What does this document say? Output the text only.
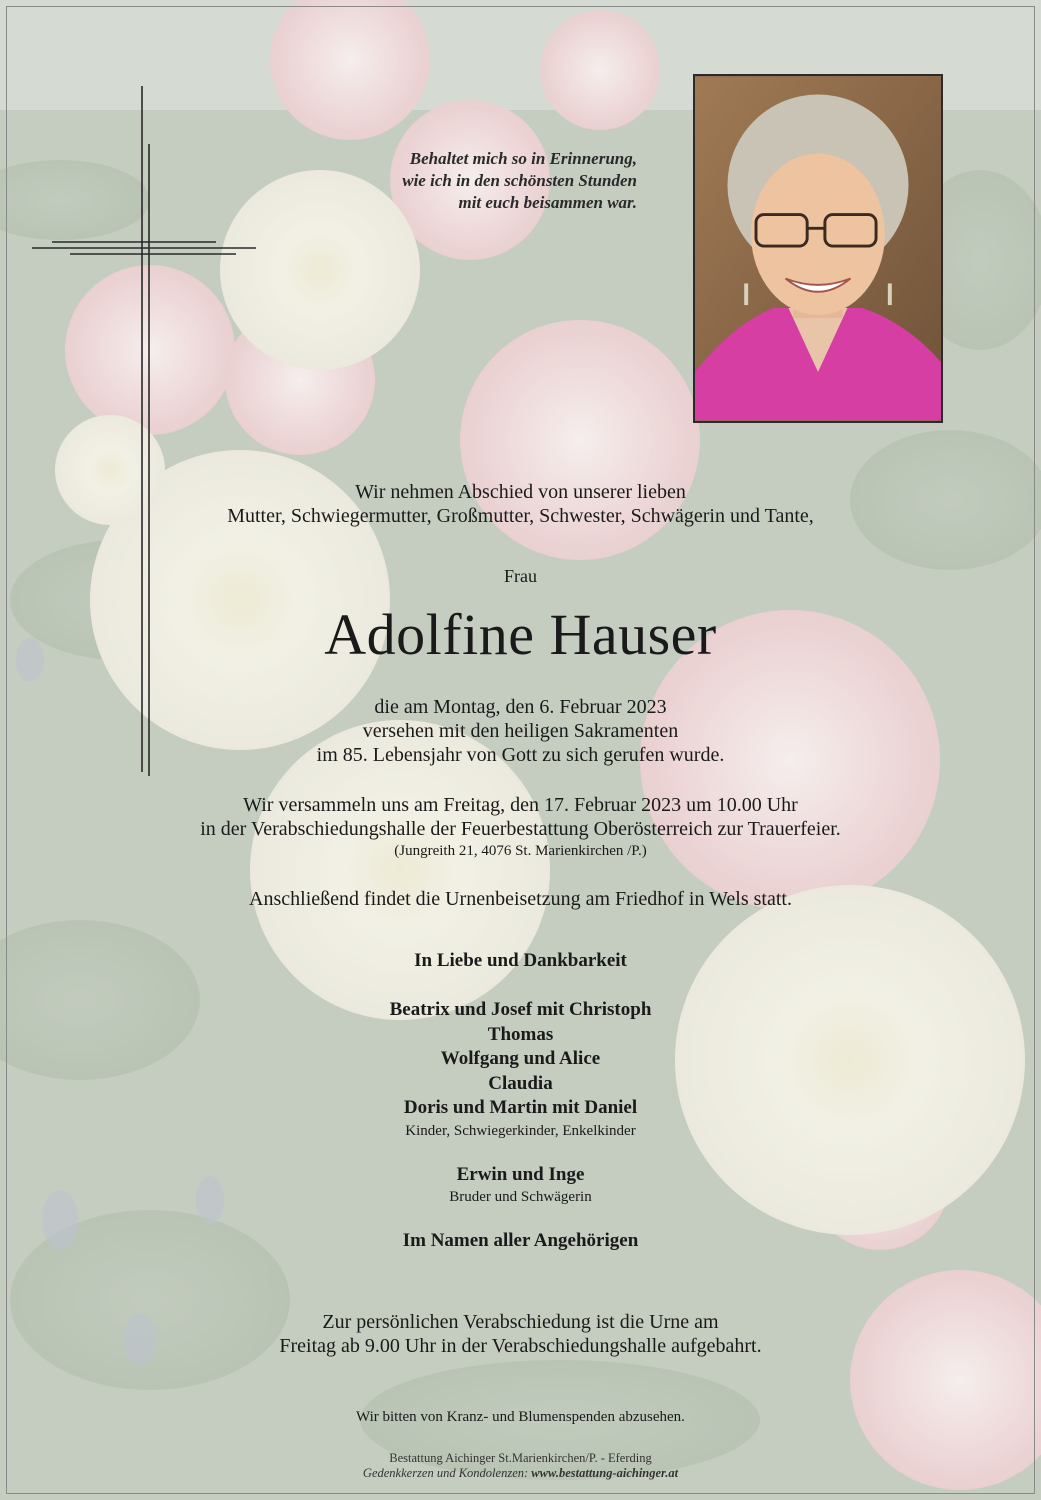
Behaltet mich so in Erinnerung,
wie ich in den schönsten Stunden
mit euch beisammen war.
Wir nehmen Abschied von unserer lieben
Mutter, Schwiegermutter, Großmutter, Schwester, Schwägerin und Tante,
Frau
Adolfine Hauser
die am Montag, den 6. Februar 2023
versehen mit den heiligen Sakramenten
im 85. Lebensjahr von Gott zu sich gerufen wurde.
Wir versammeln uns am Freitag, den 17. Februar 2023 um 10.00 Uhr
in der Verabschiedungshalle der Feuerbestattung Oberösterreich zur Trauerfeier.
(Jungreith 21, 4076 St. Marienkirchen /P.)
Anschließend findet die Urnenbeisetzung am Friedhof in Wels statt.
In Liebe und Dankbarkeit
Beatrix und Josef mit Christoph
Thomas
Wolfgang und Alice
Claudia
Doris und Martin mit Daniel
Kinder, Schwiegerkinder, Enkelkinder
Erwin und Inge
Bruder und Schwägerin
Im Namen aller Angehörigen
Zur persönlichen Verabschiedung ist die Urne am
Freitag ab 9.00 Uhr in der Verabschiedungshalle aufgebahrt.
Wir bitten von Kranz- und Blumenspenden abzusehen.
Bestattung Aichinger St.Marienkirchen/P. - Eferding
Gedenkkerzen und Kondolenzen: www.bestattung-aichinger.at
